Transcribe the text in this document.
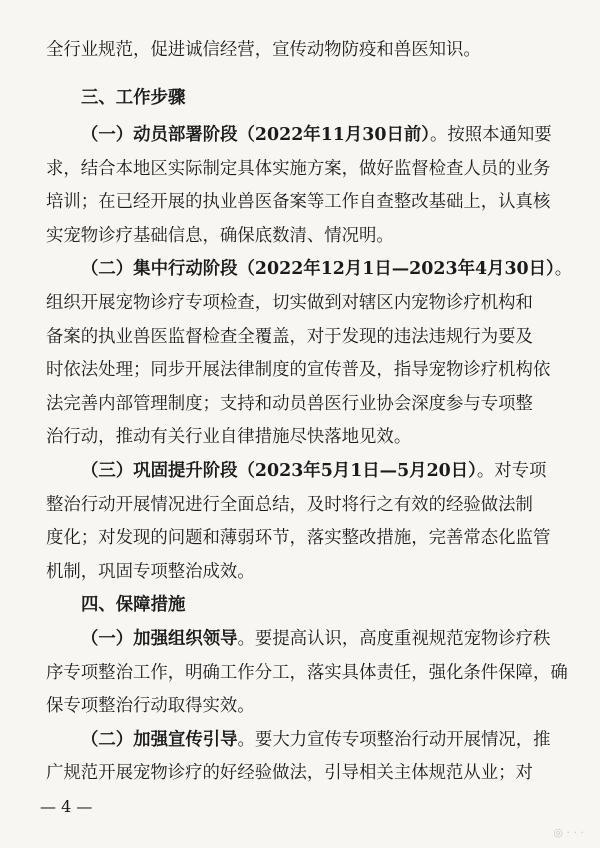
全行业规范，促进诚信经营，宣传动物防疫和兽医知识。
三、工作步骤
（一）动员部署阶段（2022年11月30日前）。按照本通知要
求，结合本地区实际制定具体实施方案，做好监督检查人员的业务
培训；在已经开展的执业兽医备案等工作自查整改基础上，认真核
实宠物诊疗基础信息，确保底数清、情况明。
（二）集中行动阶段（2022年12月1日—2023年4月30日）。
组织开展宠物诊疗专项检查，切实做到对辖区内宠物诊疗机构和
备案的执业兽医监督检查全覆盖，对于发现的违法违规行为要及
时依法处理；同步开展法律制度的宣传普及，指导宠物诊疗机构依
法完善内部管理制度；支持和动员兽医行业协会深度参与专项整
治行动，推动有关行业自律措施尽快落地见效。
（三）巩固提升阶段（2023年5月1日—5月20日）。对专项
整治行动开展情况进行全面总结，及时将行之有效的经验做法制
度化；对发现的问题和薄弱环节，落实整改措施，完善常态化监管
机制，巩固专项整治成效。
四、保障措施
（一）加强组织领导。要提高认识，高度重视规范宠物诊疗秩
序专项整治工作，明确工作分工，落实具体责任，强化条件保障，确
保专项整治行动取得实效。
（二）加强宣传引导。要大力宣传专项整治行动开展情况，推
广规范开展宠物诊疗的好经验做法，引导相关主体规范从业；对
— 4 —
◎ · · ·
